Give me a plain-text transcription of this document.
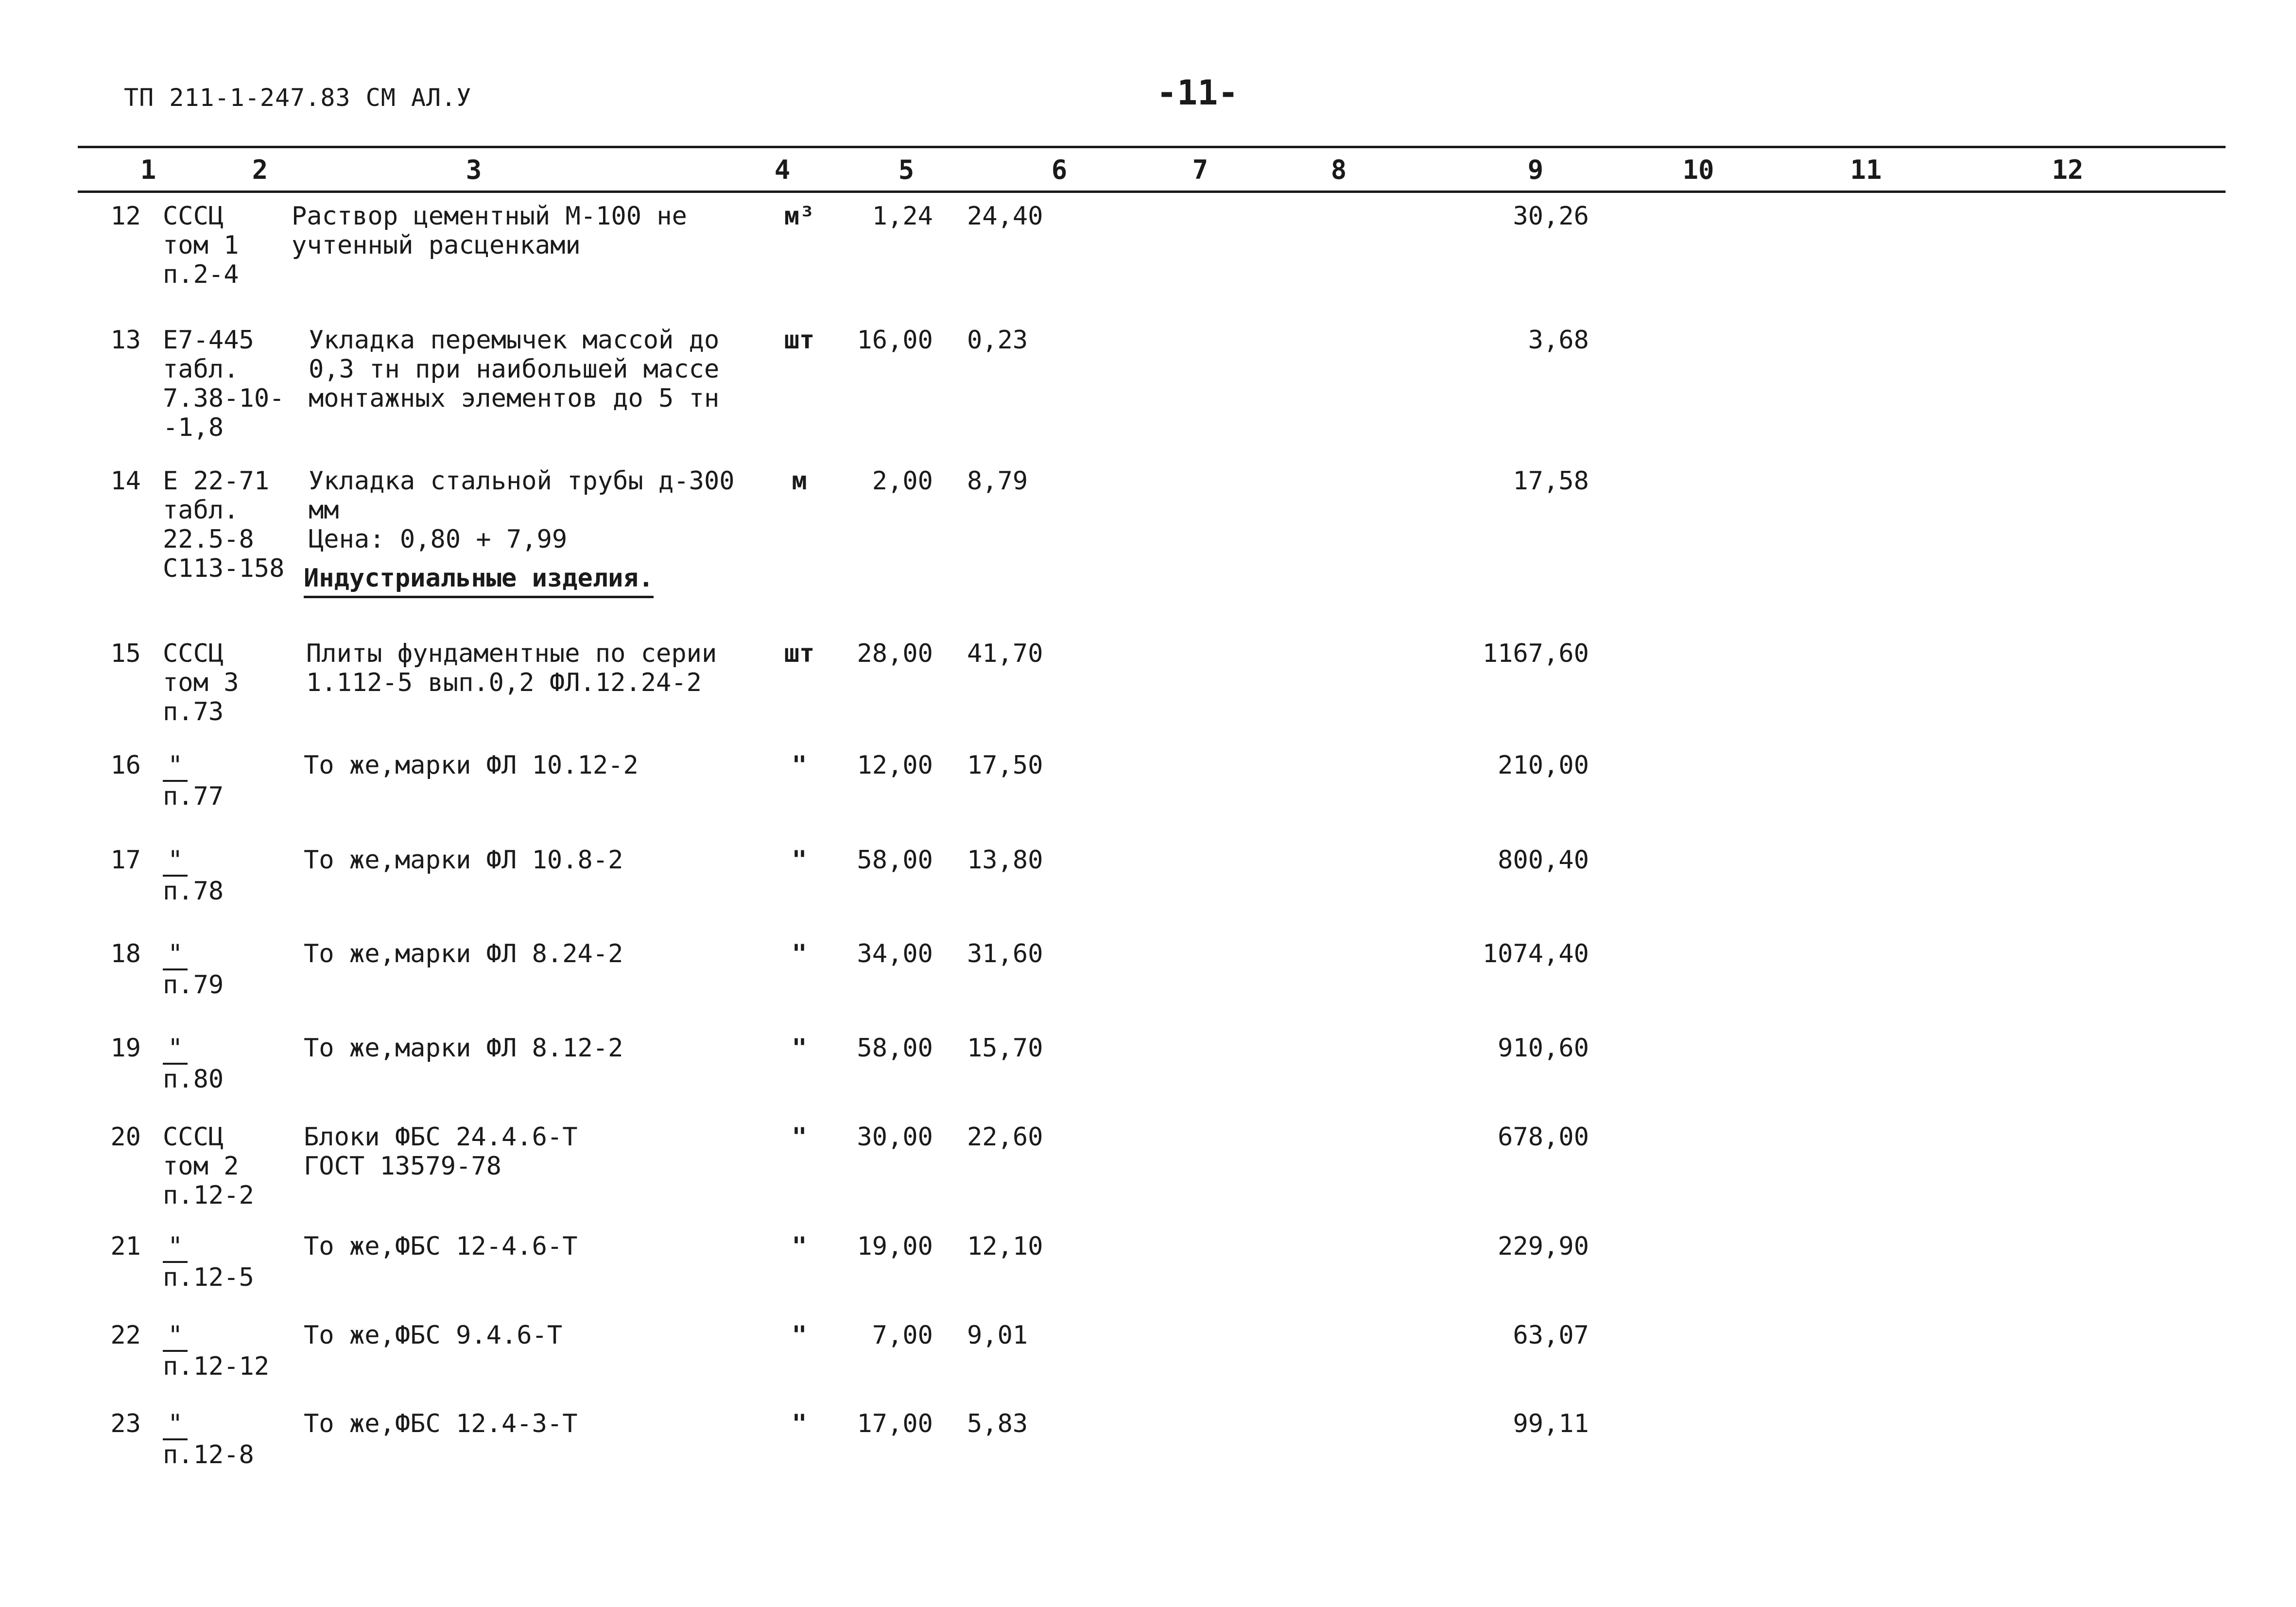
ТП 211-1-247.83 СМ АЛ.У	-11-
1	2	3	4	5	6	7	8	9	10	11	12
12 СССЦ
том 1
п.2-4
Раствор цементный М-100 не
учтенный расценками
м³	1,24 24,40	30,26
13 Е7-445
табл.
7.38-10-
-1,8
Укладка перемычек массой до
0,3 тн при наибольшей массе
монтажных элементов до 5 тн
шт	16,00 0,23	3,68
14 Е 22-71
табл.
22.5-8
С113-158
Укладка стальной трубы д-300 мм
Цена: 0,80 + 7,99
м	2,00 8,79	17,58
Индустриальные изделия.
15 СССЦ
том 3
п.73
Плиты фундаментные по серии
1.112-5 вып.0,2 ФЛ.12.24-2
шт	28,00 41,70	1167,60
16 "
п.77
То же,марки ФЛ 10.12-2	"	12,00 17,50	210,00
17 "
п.78
То же,марки ФЛ 10.8-2	"	58,00 13,80	800,40
18 "
п.79
То же,марки ФЛ 8.24-2	"	34,00 31,60	1074,40
19 "
п.80
То же,марки ФЛ 8.12-2	"	58,00 15,70	910,60
20 СССЦ
том 2
п.12-2
Блоки ФБС 24.4.6-Т
ГОСТ 13579-78
"	30,00 22,60	678,00
21 "
п.12-5
То же,ФБС 12-4.6-Т	"	19,00 12,10	229,90
22 "
п.12-12
То же,ФБС 9.4.6-Т	"	7,00 9,01	63,07
23 "
п.12-8
То же,ФБС 12.4-3-Т	"	17,00 5,83	99,11
